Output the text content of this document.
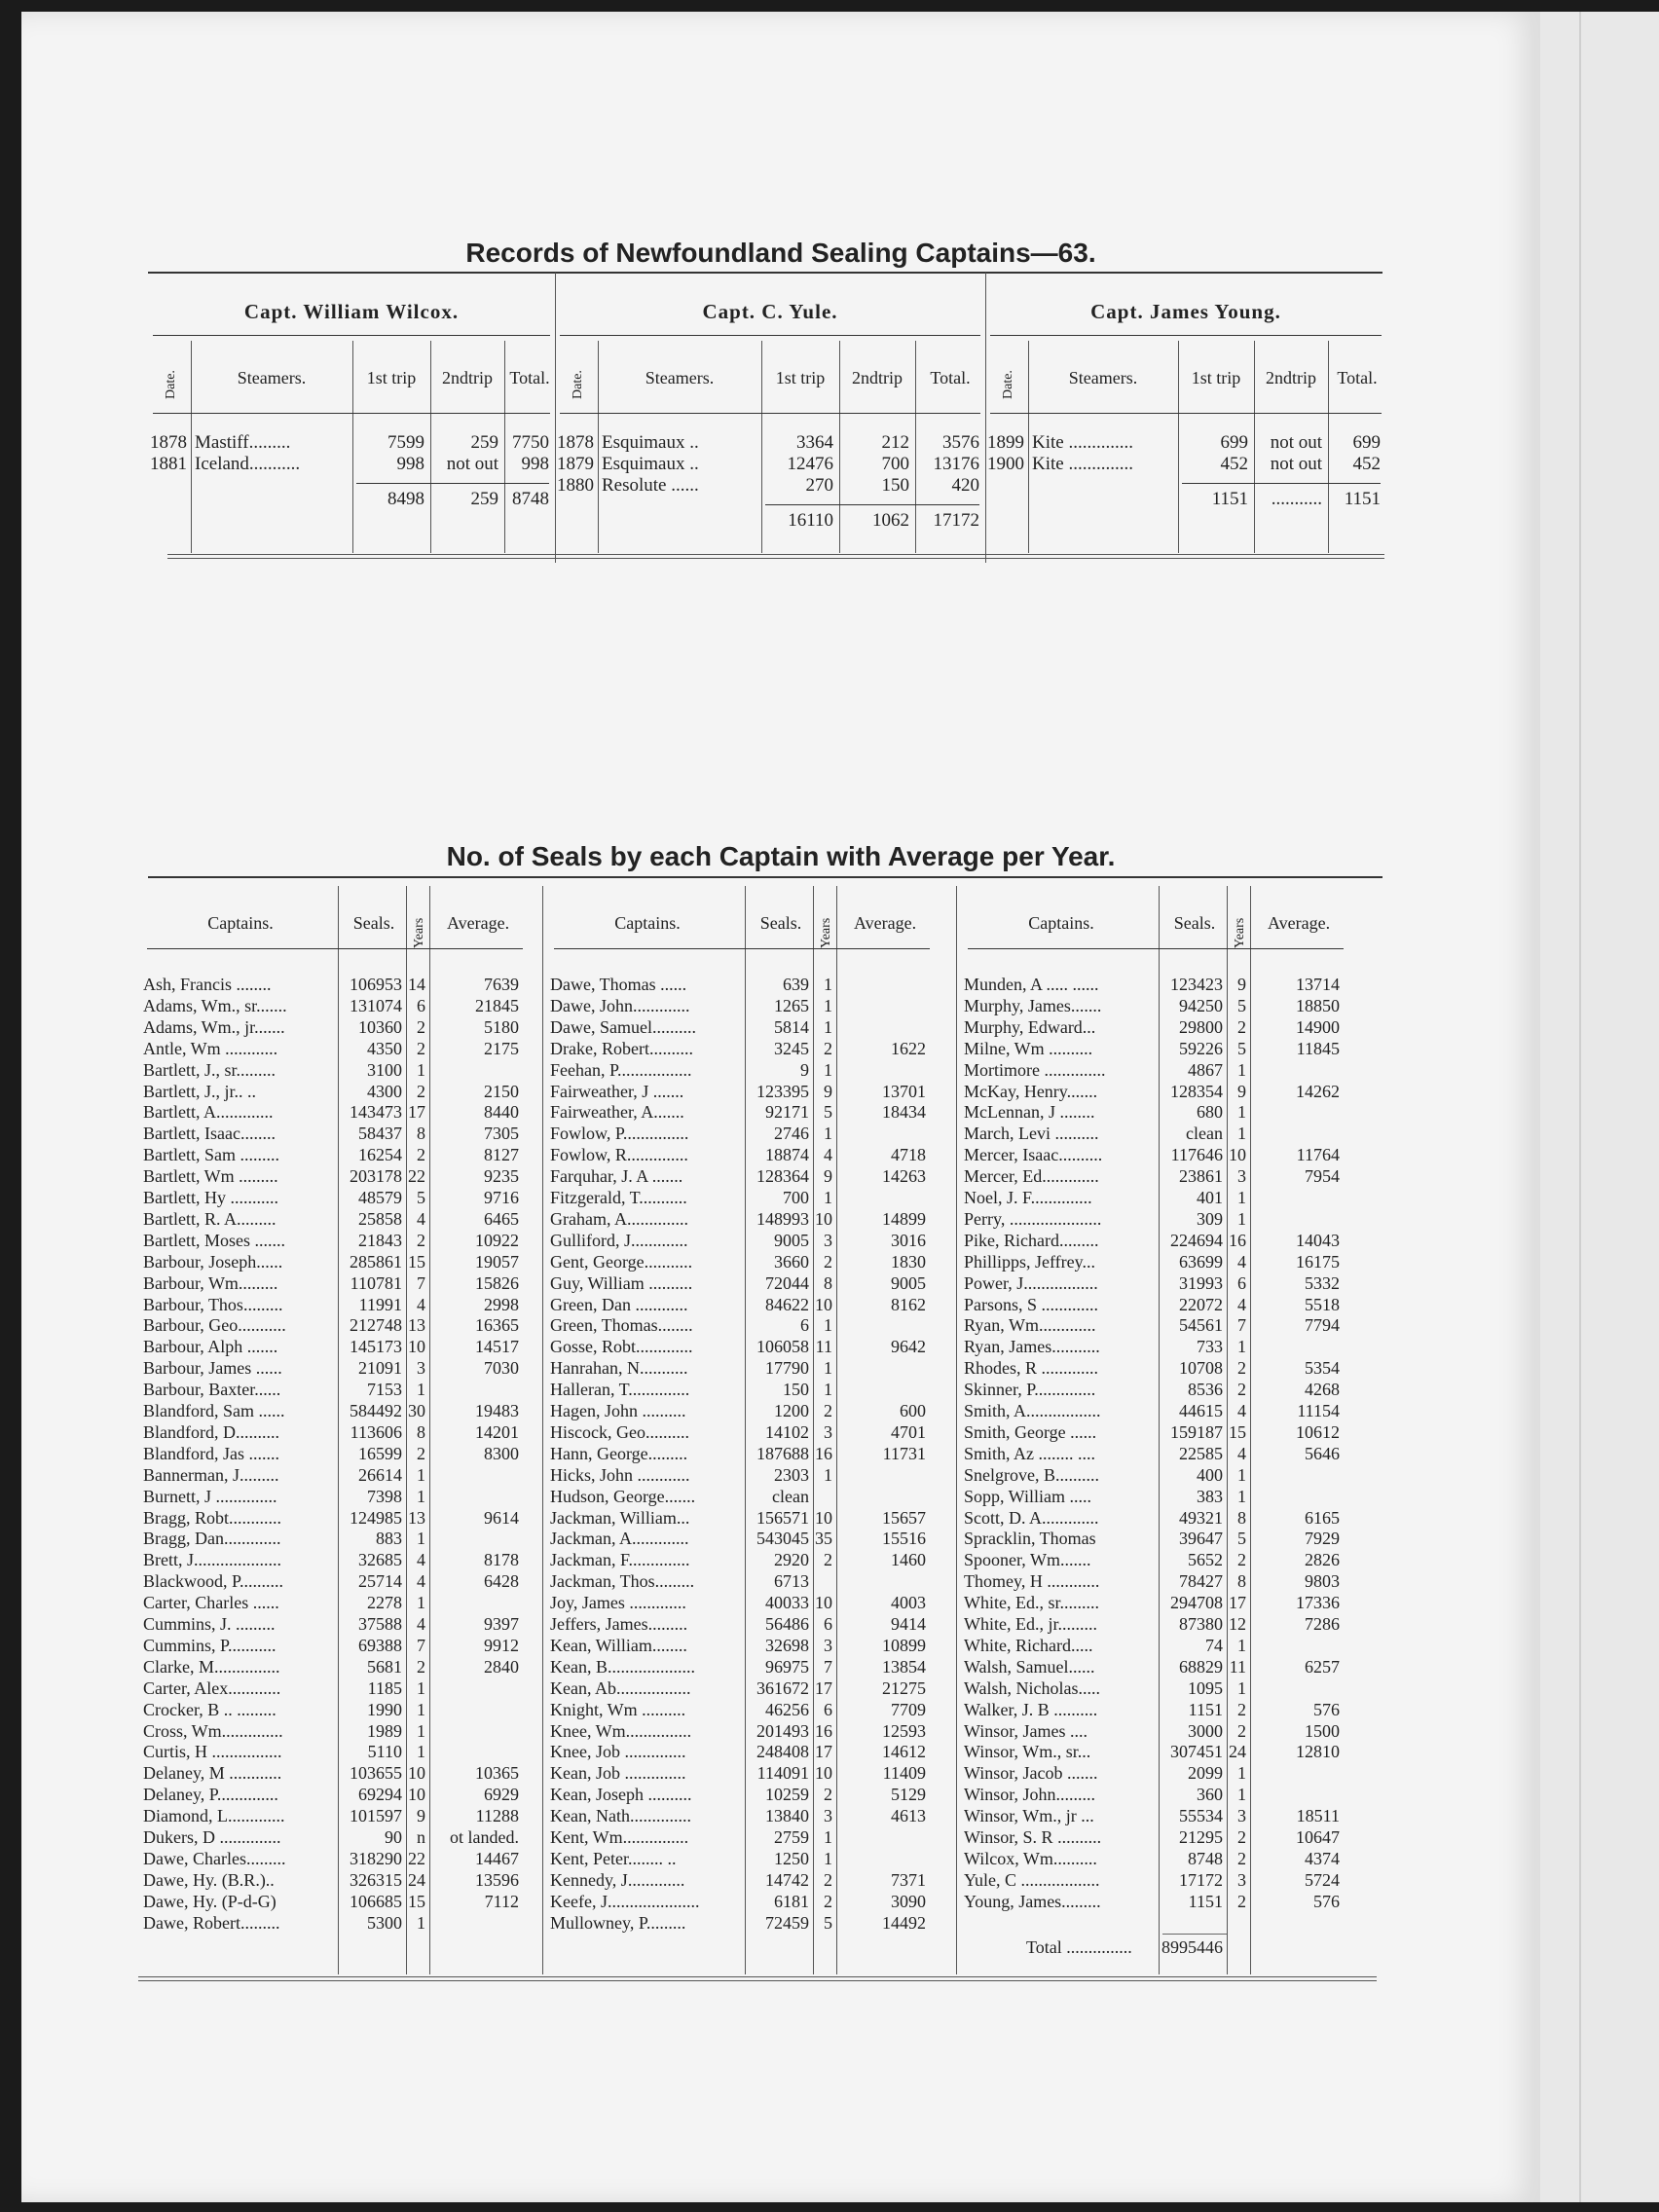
Records of Newfoundland Sealing Captains—63.
Capt. William Wilcox.
Date.	Steamers.	1st trip	2ndtrip Total.
1878 Mastiff.........	7599	259 7750
1881 Iceland...........	998	not out	998
8498	259 8748
Capt. C. Yule.
Date.	Steamers.	1st trip	2ndtrip	Total.
1878 Esquimaux ..	3364	212	3576
1879 Esquimaux ..	12476	700	13176
1880 Resolute ......	270	150	420
16110	1062	17172
Capt. James Young.
Date.	Steamers.	1st trip	2ndtrip	Total.
1899 Kite ..............	699	not out	699
1900 Kite ..............	452	not out	452
1151	...........	1151
No. of Seals by each Captain with Average per Year.
Captains.	Seals.	Years	Average.
Ash, Francis ........	106953 14	7639
Adams, Wm., sr.......	131074 6	21845
Adams, Wm., jr.......	10360 2	5180
Antle, Wm ............	4350 2	2175
Bartlett, J., sr.........	3100 1
Bartlett, J., jr.. ..	4300 2	2150
Bartlett, A.............	143473 17	8440
Bartlett, Isaac........	58437 8	7305
Bartlett, Sam .........	16254 2	8127
Bartlett, Wm .........	203178 22	9235
Bartlett, Hy ...........	48579 5	9716
Bartlett, R. A.........	25858 4	6465
Bartlett, Moses .......	21843 2	10922
Barbour, Joseph......	285861 15	19057
Barbour, Wm.........	110781 7	15826
Barbour, Thos.........	11991 4	2998
Barbour, Geo...........	212748 13	16365
Barbour, Alph .......	145173 10	14517
Barbour, James ......	21091 3	7030
Barbour, Baxter......	7153 1
Blandford, Sam ......	584492 30	19483
Blandford, D..........	113606 8	14201
Blandford, Jas .......	16599 2	8300
Bannerman, J.........	26614 1
Burnett, J ..............	7398 1
Bragg, Robt............	124985 13	9614
Bragg, Dan.............	883 1
Brett, J....................	32685 4	8178
Blackwood, P..........	25714 4	6428
Carter, Charles ......	2278 1
Cummins, J. .........	37588 4	9397
Cummins, P...........	69388 7	9912
Clarke, M...............	5681 2	2840
Carter, Alex............	1185 1
Crocker, B .. .........	1990 1
Cross, Wm..............	1989 1
Curtis, H ................	5110 1
Delaney, M ............	103655 10	10365
Delaney, P..............	69294 10	6929
Diamond, L.............	101597 9	11288
Dukers, D ..............	90 n	ot landed.
Dawe, Charles.........	318290 22	14467
Dawe, Hy. (B.R.)..	326315 24	13596
Dawe, Hy. (P-d-G)	106685 15	7112
Dawe, Robert.........	5300 1
Captains.	Seals.	Years	Average.
Dawe, Thomas ......	639 1
Dawe, John.............	1265 1
Dawe, Samuel..........	5814 1
Drake, Robert..........	3245 2	1622
Feehan, P.................	9 1
Fairweather, J .......	123395 9	13701
Fairweather, A.......	92171 5	18434
Fowlow, P...............	2746 1
Fowlow, R..............	18874 4	4718
Farquhar, J. A .......	128364 9	14263
Fitzgerald, T...........	700 1
Graham, A..............	148993 10	14899
Gulliford, J.............	9005 3	3016
Gent, George...........	3660 2	1830
Guy, William ..........	72044 8	9005
Green, Dan ............	84622 10	8162
Green, Thomas........	6 1
Gosse, Robt.............	106058 11	9642
Hanrahan, N...........	17790 1
Halleran, T..............	150 1
Hagen, John ..........	1200 2	600
Hiscock, Geo..........	14102 3	4701
Hann, George.........	187688 16	11731
Hicks, John ............	2303 1
Hudson, George.......	clean
Jackman, William...	156571 10	15657
Jackman, A.............	543045 35	15516
Jackman, F..............	2920 2	1460
Jackman, Thos.........	6713
Joy, James .............	40033 10	4003
Jeffers, James.........	56486 6	9414
Kean, William........	32698 3	10899
Kean, B....................	96975 7	13854
Kean, Ab.................	361672 17	21275
Knight, Wm ..........	46256 6	7709
Knee, Wm...............	201493 16	12593
Knee, Job ..............	248408 17	14612
Kean, Job ..............	114091 10	11409
Kean, Joseph ..........	10259 2	5129
Kean, Nath..............	13840 3	4613
Kent, Wm...............	2759 1
Kent, Peter........ ..	1250 1
Kennedy, J.............	14742 2	7371
Keefe, J.....................	6181 2	3090
Mullowney, P.........	72459 5	14492
Captains.	Seals.	Years	Average.
Munden, A ..... ......	123423 9	13714
Murphy, James.......	94250 5	18850
Murphy, Edward...	29800 2	14900
Milne, Wm ..........	59226 5	11845
Mortimore ..............	4867 1
McKay, Henry.......	128354 9	14262
McLennan, J ........	680 1
March, Levi ..........	clean 1
Mercer, Isaac..........	117646 10	11764
Mercer, Ed.............	23861 3	7954
Noel, J. F..............	401 1
Perry, .....................	309 1
Pike, Richard.........	224694 16	14043
Phillipps, Jeffrey...	63699 4	16175
Power, J.................	31993 6	5332
Parsons, S .............	22072 4	5518
Ryan, Wm.............	54561 7	7794
Ryan, James...........	733 1
Rhodes, R .............	10708 2	5354
Skinner, P..............	8536 2	4268
Smith, A.................	44615 4	11154
Smith, George ......	159187 15	10612
Smith, Az ........ ....	22585 4	5646
Snelgrove, B..........	400 1
Sopp, William .....	383 1
Scott, D. A.............	49321 8	6165
Spracklin, Thomas	39647 5	7929
Spooner, Wm.......	5652 2	2826
Thomey, H ............	78427 8	9803
White, Ed., sr.........	294708 17	17336
White, Ed., jr.........	87380 12	7286
White, Richard.....	74 1
Walsh, Samuel......	68829 11	6257
Walsh, Nicholas.....	1095 1
Walker, J. B ..........	1151 2	576
Winsor, James ....	3000 2	1500
Winsor, Wm., sr...	307451 24	12810
Winsor, Jacob .......	2099 1
Winsor, John.........	360 1
Winsor, Wm., jr ...	55534 3	18511
Winsor, S. R ..........	21295 2	10647
Wilcox, Wm..........	8748 2	4374
Yule, C ..................	17172 3	5724
Young, James.........	1151 2	576
Total ............... 8995446
